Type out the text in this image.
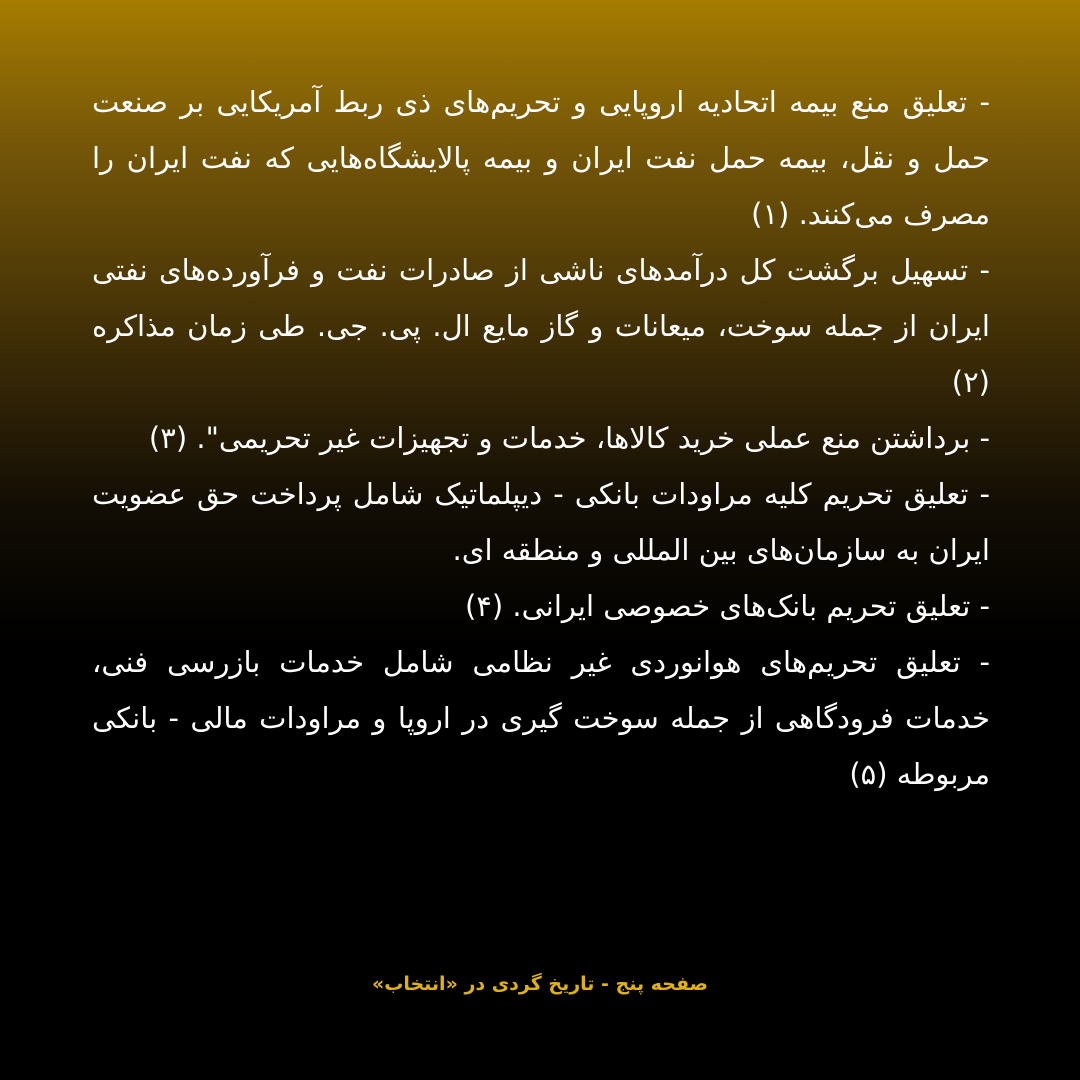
- تعلیق منع بیمه اتحادیه اروپایی و تحریم‌های ذی ربط آمریکایی بر صنعت حمل و نقل، بیمه حمل نفت ایران و بیمه پالایشگاه‌هایی که نفت ایران را مصرف می‌کنند. (۱)

- تسهیل برگشت کل درآمدهای ناشی از صادرات نفت و فرآورده‌های نفتی ایران از جمله سوخت، میعانات و گاز مایع ال. پی. جی. طی زمان مذاکره (۲)

- برداشتن منع عملی خرید کالاها، خدمات و تجهیزات غیر تحریمی". (۳)

- تعلیق تحریم کلیه مراودات بانکی - دیپلماتیک شامل پرداخت حق عضویت ایران به سازمان‌های بین المللی و منطقه ای.

- تعلیق تحریم بانک‌های خصوصی ایرانی. (۴)

- تعلیق تحریم‌های هوانوردی غیر نظامی شامل خدمات بازرسی فنی، خدمات فرودگاهی از جمله سوخت گیری در اروپا و مراودات مالی - بانکی مربوطه (۵)

صفحه پنج - تاریخ گردی در «انتخاب»
